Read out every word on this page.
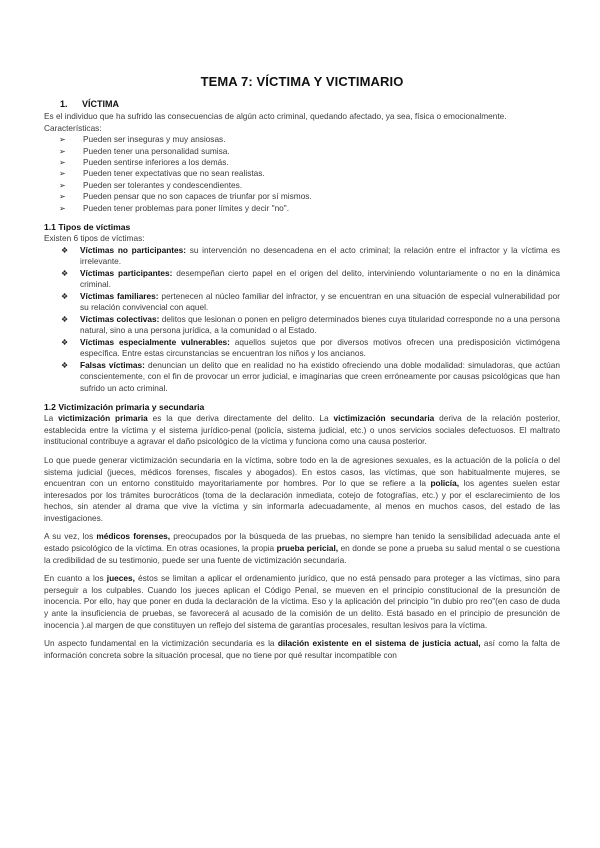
TEMA 7: VÍCTIMA Y VICTIMARIO
1. VÍCTIMA

Es el individuo que ha sufrido las consecuencias de algún acto criminal, quedando afectado, ya sea, física o emocionalmente.

Características:

➢ Pueden ser inseguras y muy ansiosas.
➢ Pueden tener una personalidad sumisa.
➢ Pueden sentirse inferiores a los demás.
➢ Pueden tener expectativas que no sean realistas.
➢ Pueden ser tolerantes y condescendientes.
➢ Pueden pensar que no son capaces de triunfar por sí mismos.
➢ Pueden tener problemas para poner límites y decir "no".
1.1 Tipos de víctimas

Existen 6 tipos de víctimas:

❖ Víctimas no participantes: su intervención no desencadena en el acto criminal; la relación entre el infractor y la víctima es irrelevante.
❖ Víctimas participantes: desempeñan cierto papel en el origen del delito, interviniendo voluntariamente o no en la dinámica criminal.
❖ Víctimas familiares: pertenecen al núcleo familiar del infractor, y se encuentran en una situación de especial vulnerabilidad por su relación convivencial con aquel.
❖ Víctimas colectivas: delitos que lesionan o ponen en peligro determinados bienes cuya titularidad corresponde no a una persona natural, sino a una persona jurídica, a la comunidad o al Estado.
❖ Víctimas especialmente vulnerables: aquellos sujetos que por diversos motivos ofrecen una predisposición victimógena específica. Entre estas circunstancias se encuentran los niños y los ancianos.
❖ Falsas víctimas: denuncian un delito que en realidad no ha existido ofreciendo una doble modalidad: simuladoras, que actúan conscientemente, con el fin de provocar un error judicial, e imaginarias que creen erróneamente por causas psicológicas que han sufrido un acto criminal.
1.2 Victimización primaria y secundaria

La victimización primaria es la que deriva directamente del delito. La victimización secundaria deriva de la relación posterior, establecida entre la víctima y el sistema jurídico-penal (policía, sistema judicial, etc.) o unos servicios sociales defectuosos. El maltrato institucional contribuye a agravar el daño psicológico de la víctima y funciona como una causa posterior.

Lo que puede generar victimización secundaria en la víctima, sobre todo en la de agresiones sexuales, es la actuación de la policía o del sistema judicial (jueces, médicos forenses, fiscales y abogados). En estos casos, las víctimas, que son habitualmente mujeres, se encuentran con un entorno constituido mayoritariamente por hombres. Por lo que se refiere a la policía, los agentes suelen estar interesados por los trámites burocráticos (toma de la declaración inmediata, cotejo de fotografías, etc.) y por el esclarecimiento de los hechos, sin atender al drama que vive la víctima y sin informarla adecuadamente, al menos en muchos casos, del estado de las investigaciones.

A su vez, los médicos forenses, preocupados por la búsqueda de las pruebas, no siempre han tenido la sensibilidad adecuada ante el estado psicológico de la víctima. En otras ocasiones, la propia prueba pericial, en donde se pone a prueba su salud mental o se cuestiona la credibilidad de su testimonio, puede ser una fuente de victimización secundaria.

En cuanto a los jueces, éstos se limitan a aplicar el ordenamiento jurídico, que no está pensado para proteger a las víctimas, sino para perseguir a los culpables. Cuando los jueces aplican el Código Penal, se mueven en el principio constitucional de la presunción de inocencia. Por ello, hay que poner en duda la declaración de la víctima. Eso y la aplicación del principio "in dubio pro reo"(en caso de duda y ante la insuficiencia de pruebas, se favorecerá al acusado de la comisión de un delito. Está basado en el principio de presunción de inocencia ).al margen de que constituyen un reflejo del sistema de garantías procesales, resultan lesivos para la víctima.

Un aspecto fundamental en la victimización secundaria es la dilación existente en el sistema de justicia actual, así como la falta de información concreta sobre la situación procesal, que no tiene por qué resultar incompatible con
